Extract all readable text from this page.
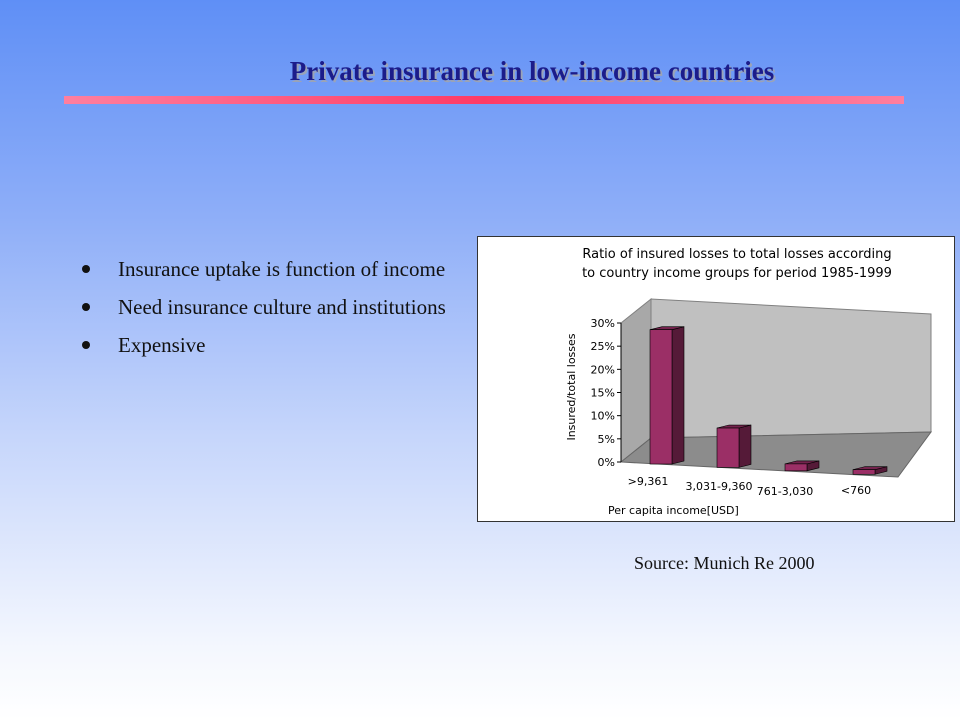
Private insurance in low-income countries
Insurance uptake is function of income
Need insurance culture and institutions
Expensive
0%
5%
10%
15%
20%
25%
30%
>9,361 3,031-9,360 761-3,030	<760
Ratio of insured losses to total losses according
to country income groups for period 1985-1999
Insured/total losses
Per capita income[USD]
Source: Munich Re 2000
